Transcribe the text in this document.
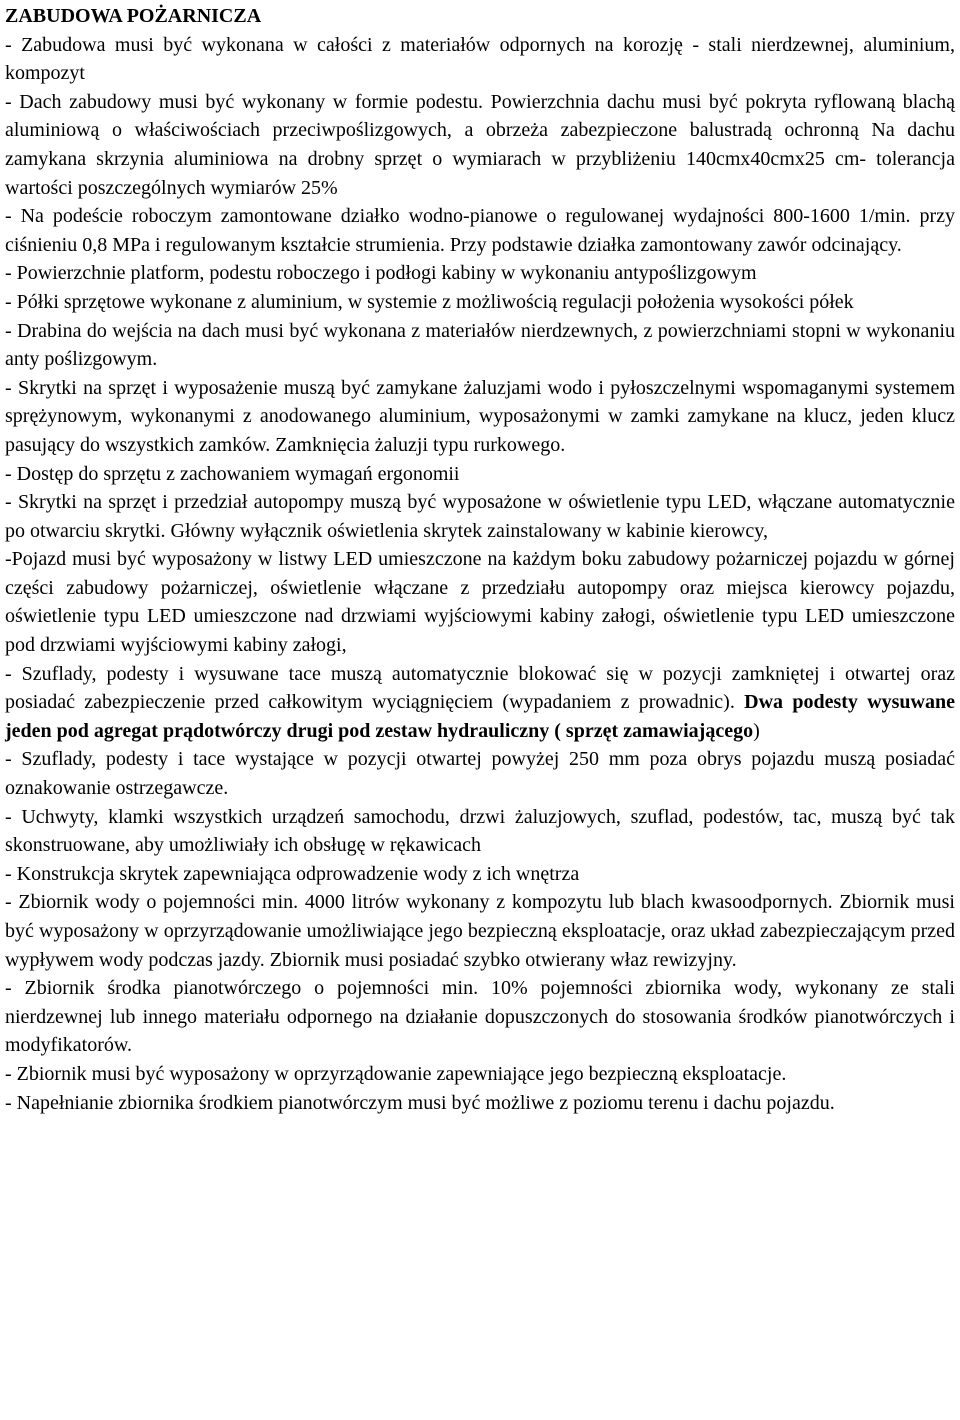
ZABUDOWA POŻARNICZA

- Zabudowa musi być wykonana w całości z materiałów odpornych na korozję - stali nierdzewnej, aluminium, kompozyt

- Dach zabudowy musi być wykonany w formie podestu. Powierzchnia dachu musi być pokryta ryflowaną blachą aluminiową o właściwościach przeciwpoślizgowych, a obrzeża zabezpieczone balustradą ochronną Na dachu zamykana skrzynia aluminiowa na drobny sprzęt o wymiarach w przybliżeniu 140cmx40cmx25 cm- tolerancja wartości poszczególnych wymiarów 25%

- Na podeście roboczym zamontowane działko wodno-pianowe o regulowanej wydajności 800-1600 1/min. przy ciśnieniu 0,8 MPa i regulowanym kształcie strumienia. Przy podstawie działka zamontowany zawór odcinający.

- Powierzchnie platform, podestu roboczego i podłogi kabiny w wykonaniu antypoślizgowym

- Półki sprzętowe wykonane z aluminium, w systemie z możliwością regulacji położenia wysokości półek

- Drabina do wejścia na dach musi być wykonana z materiałów nierdzewnych, z powierzchniami stopni w wykonaniu anty poślizgowym.

- Skrytki na sprzęt i wyposażenie muszą być zamykane żaluzjami wodo i pyłoszczelnymi wspomaganymi systemem sprężynowym, wykonanymi z anodowanego aluminium, wyposażonymi w zamki zamykane na klucz, jeden klucz pasujący do wszystkich zamków. Zamknięcia żaluzji typu rurkowego.

- Dostęp do sprzętu z zachowaniem wymagań ergonomii

- Skrytki na sprzęt i przedział autopompy muszą być wyposażone w oświetlenie typu LED, włączane automatycznie po otwarciu skrytki. Główny wyłącznik oświetlenia skrytek zainstalowany w kabinie kierowcy,

-Pojazd musi być wyposażony w listwy LED umieszczone na każdym boku zabudowy pożarniczej pojazdu w górnej części zabudowy pożarniczej, oświetlenie włączane z przedziału autopompy oraz miejsca kierowcy pojazdu, oświetlenie typu LED umieszczone nad drzwiami wyjściowymi kabiny załogi, oświetlenie typu LED umieszczone pod drzwiami wyjściowymi kabiny załogi,

- Szuflady, podesty i wysuwane tace muszą automatycznie blokować się w pozycji zamkniętej i otwartej oraz posiadać zabezpieczenie przed całkowitym wyciągnięciem (wypadaniem z prowadnic). Dwa podesty wysuwane jeden pod agregat prądotwórczy drugi pod zestaw hydrauliczny ( sprzęt zamawiającego)

- Szuflady, podesty i tace wystające w pozycji otwartej powyżej 250 mm poza obrys pojazdu muszą posiadać oznakowanie ostrzegawcze.

- Uchwyty, klamki wszystkich urządzeń samochodu, drzwi żaluzjowych, szuflad, podestów, tac, muszą być tak skonstruowane, aby umożliwiały ich obsługę w rękawicach

- Konstrukcja skrytek zapewniająca odprowadzenie wody z ich wnętrza

- Zbiornik wody o pojemności min. 4000 litrów wykonany z kompozytu lub blach kwasoodpornych. Zbiornik musi być wyposażony w oprzyrządowanie umożliwiające jego bezpieczną eksploatacje, oraz układ zabezpieczającym przed wypływem wody podczas jazdy. Zbiornik musi posiadać szybko otwierany właz rewizyjny.

- Zbiornik środka pianotwórczego o pojemności min. 10% pojemności zbiornika wody, wykonany ze stali nierdzewnej lub innego materiału odpornego na działanie dopuszczonych do stosowania środków pianotwórczych i modyfikatorów.

- Zbiornik musi być wyposażony w oprzyrządowanie zapewniające jego bezpieczną eksploatacje.

- Napełnianie zbiornika środkiem pianotwórczym musi być możliwe z poziomu terenu i dachu pojazdu.
